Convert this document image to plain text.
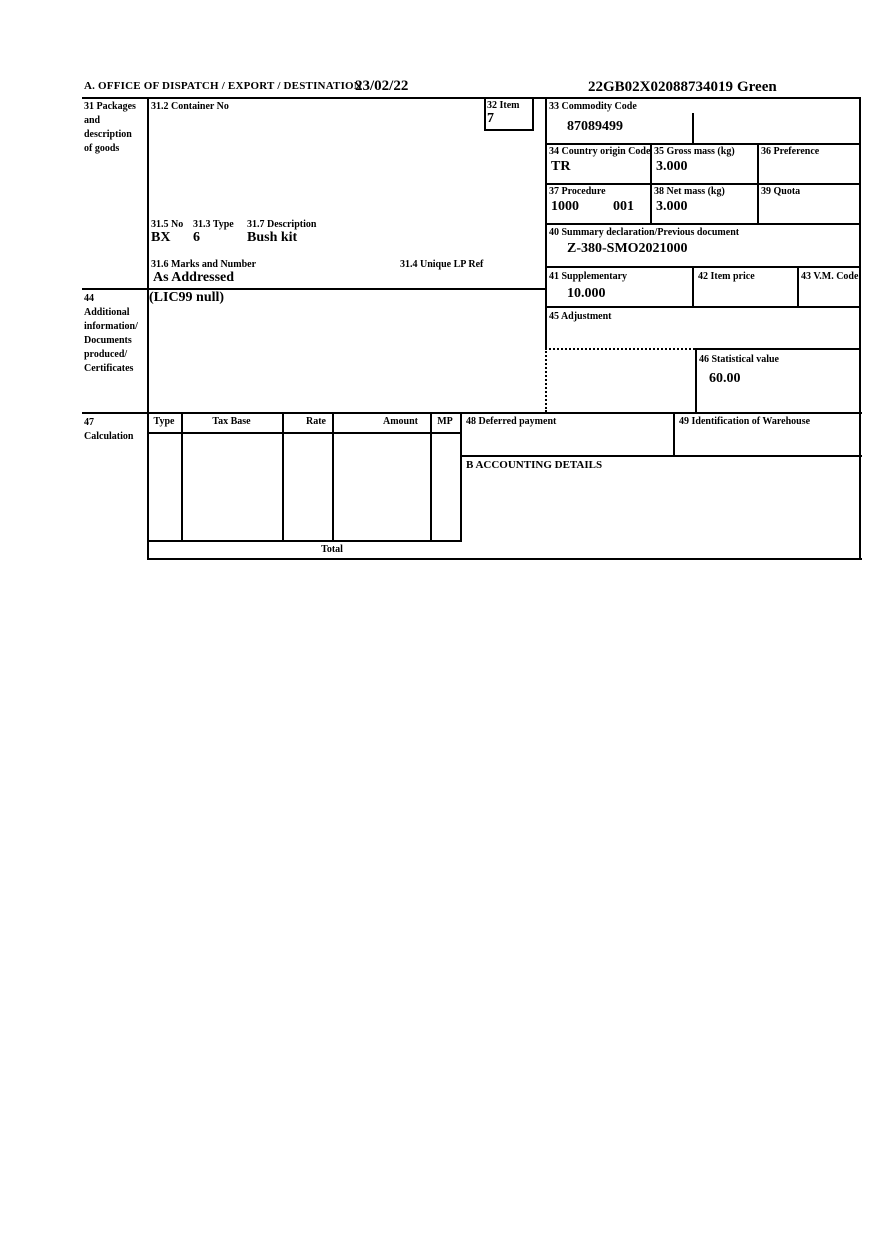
A. OFFICE OF DISPATCH / EXPORT / DESTINATION
23/02/22	22GB02X02088734019 Green
31 Packages
and
description
of goods
31.2 Container No	32 Item
7
33 Commodity Code
87089499
34 Country origin Code
TR
35 Gross mass (kg)
3.000
36 Preference
37 Procedure
1000 001
38 Net mass (kg)
3.000
39 Quota
40 Summary declaration/Previous document
Z-380-SMO2021000
41 Supplementary
10.000
42 Item price	43 V.M. Code
31.5 No 31.3 Type 31.7 Description
BX 6	Bush kit
31.6 Marks and Number
As Addressed
31.4 Unique LP Ref
44
Additional
information/
Documents
produced/
Certificates
(LIC99 null)
45 Adjustment
46 Statistical value
60.00
47
Calculation
Type	Tax Base	Rate	Amount	MP
Total
48 Deferred payment	49 Identification of Warehouse
B ACCOUNTING DETAILS
